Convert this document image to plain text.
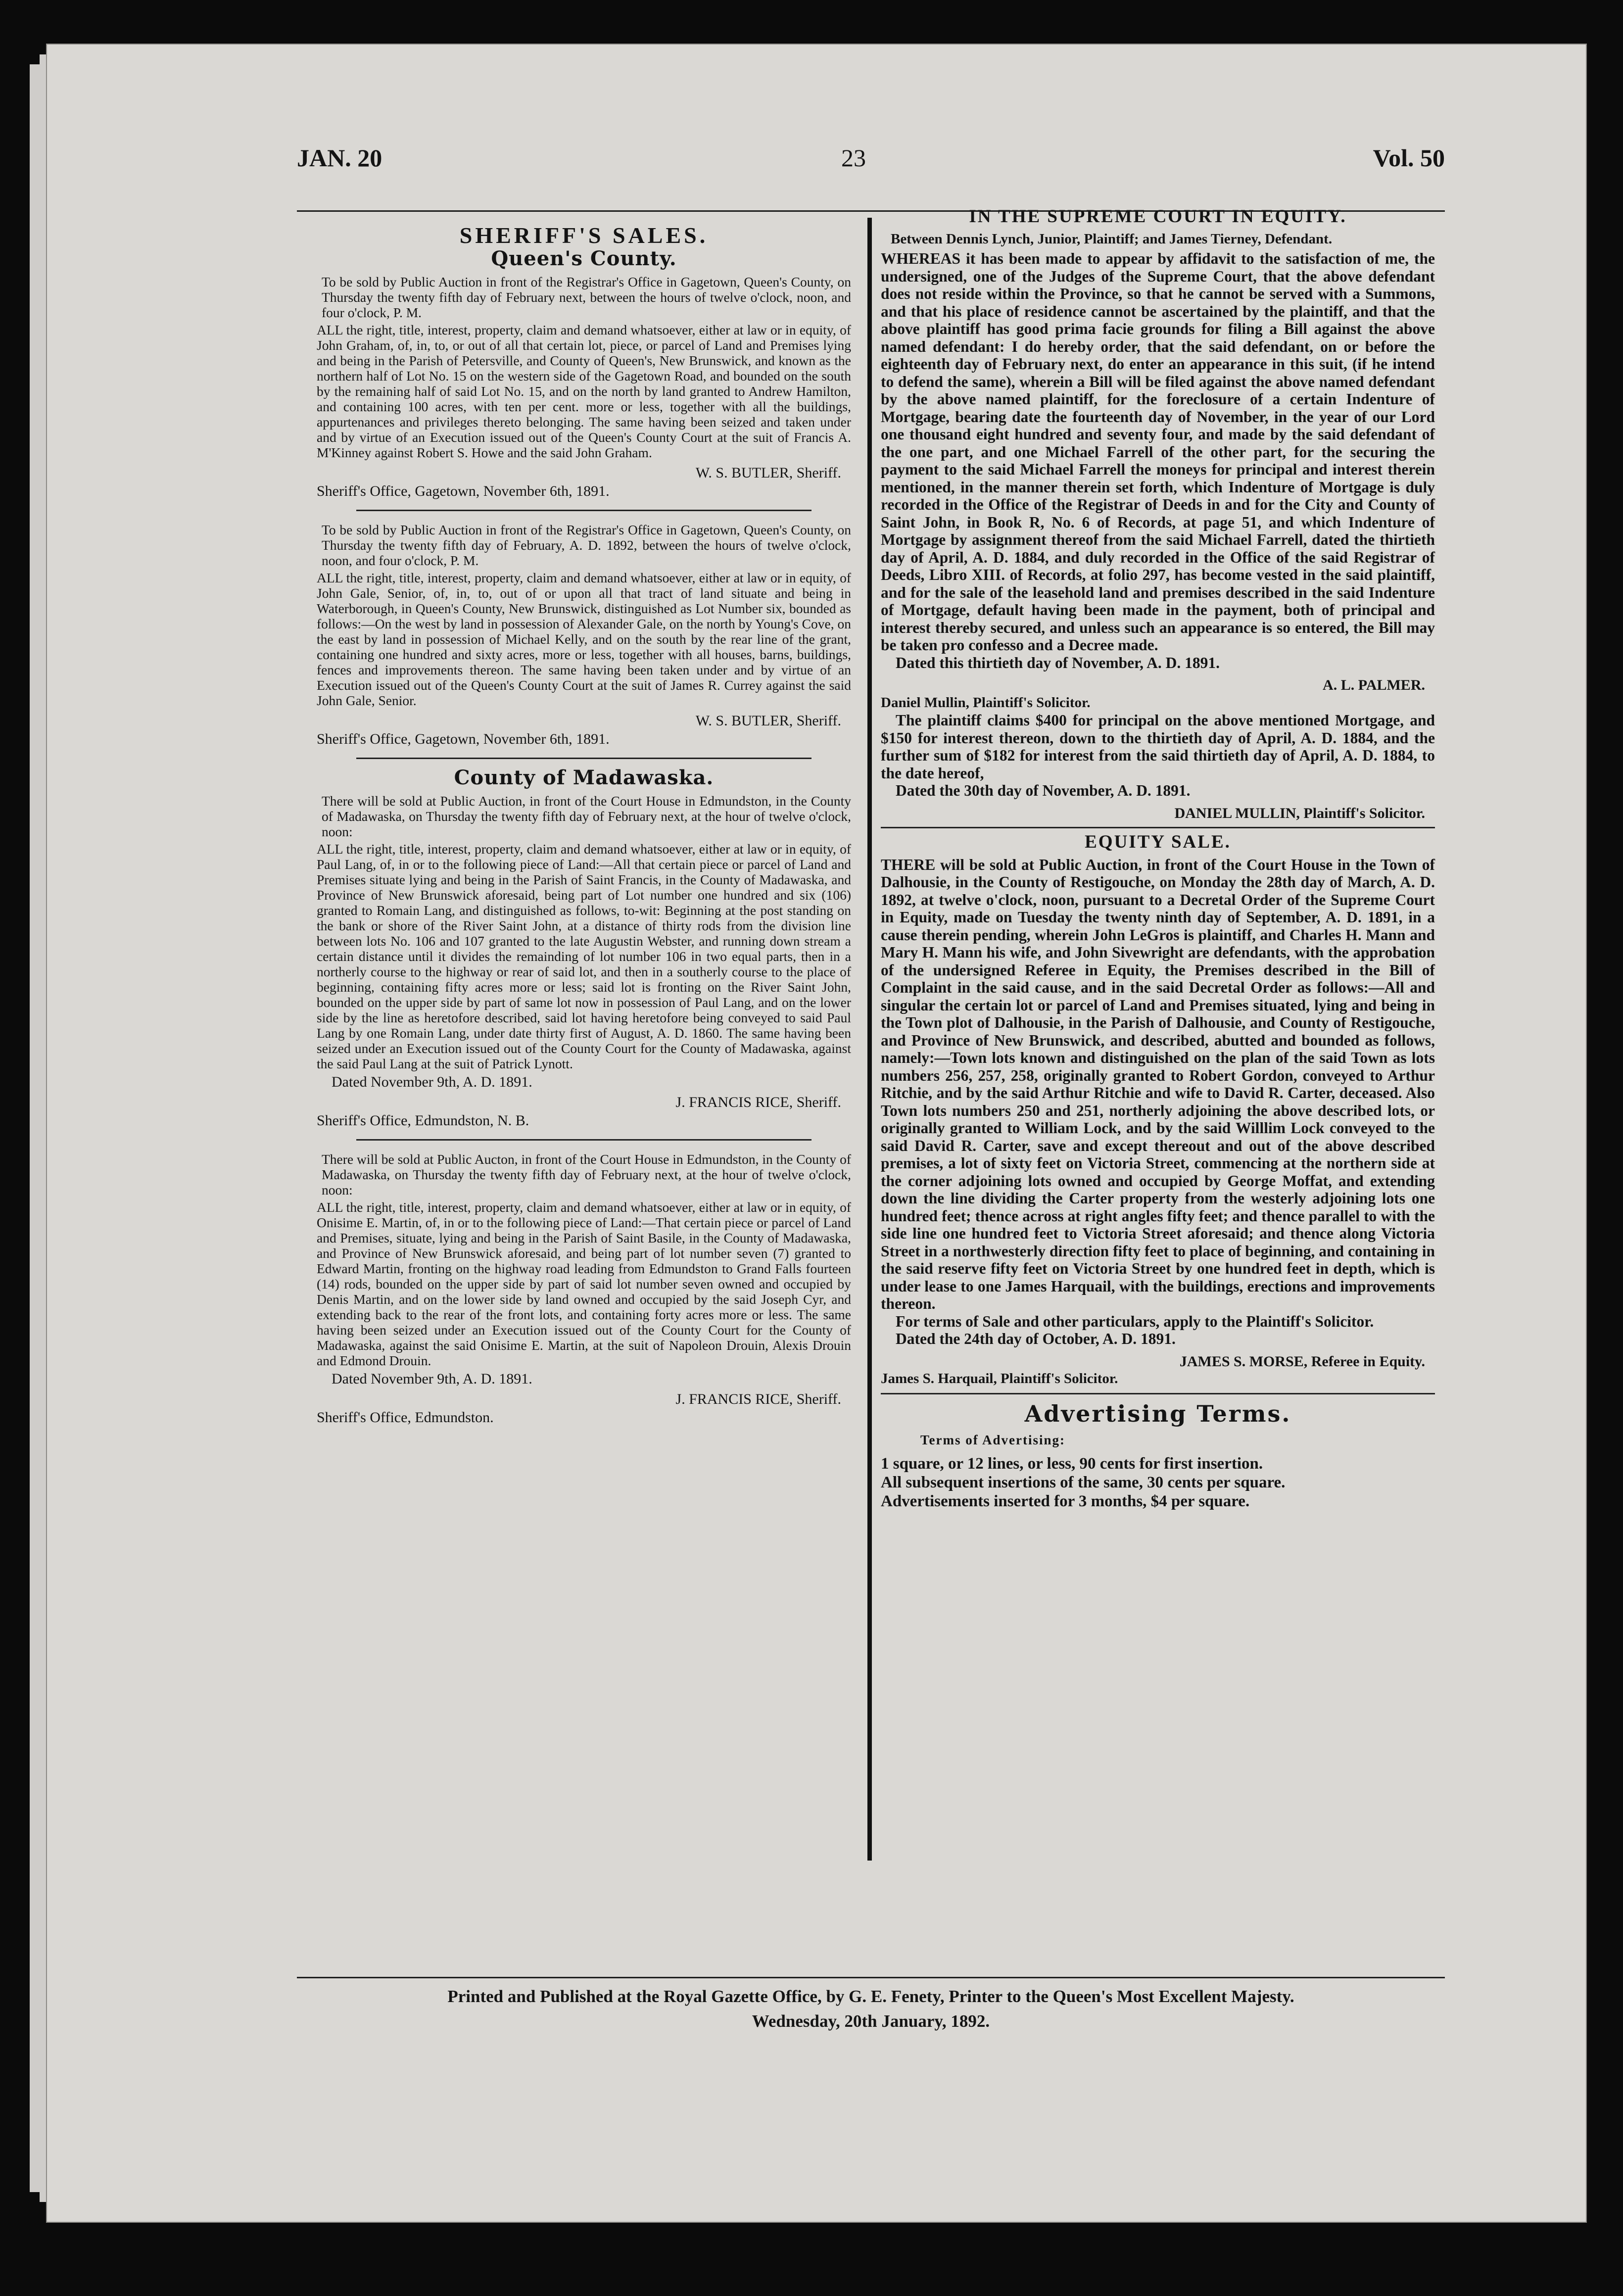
JAN. 20	23	Vol. 50
SHERIFF'S SALES.
Queen's County.

To be sold by Public Auction in front of the Registrar's Office in Gagetown, Queen's County, on Thursday the twenty fifth day of February next, between the hours of twelve o'clock, noon, and four o'clock, P. M.

ALL the right, title, interest, property, claim and demand whatsoever, either at law or in equity, of John Graham, of, in, to, or out of all that certain lot, piece, or parcel of Land and Premises lying and being in the Parish of Petersville, and County of Queen's, New Brunswick, and known as the northern half of Lot No. 15 on the western side of the Gagetown Road, and bounded on the south by the remaining half of said Lot No. 15, and on the north by land granted to Andrew Hamilton, and containing 100 acres, with ten per cent. more or less, together with all the buildings, appurtenances and privileges thereto belonging. The same having been seized and taken under and by virtue of an Execution issued out of the Queen's County Court at the suit of Francis A. M'Kinney against Robert S. Howe and the said John Graham.

W. S. BUTLER, Sheriff.

Sheriff's Office, Gagetown, November 6th, 1891.

To be sold by Public Auction in front of the Registrar's Office in Gagetown, Queen's County, on Thursday the twenty fifth day of February, A. D. 1892, between the hours of twelve o'clock, noon, and four o'clock, P. M.

ALL the right, title, interest, property, claim and demand whatsoever, either at law or in equity, of John Gale, Senior, of, in, to, out of or upon all that tract of land situate and being in Waterborough, in Queen's County, New Brunswick, distinguished as Lot Number six, bounded as follows:—On the west by land in possession of Alexander Gale, on the north by Young's Cove, on the east by land in possession of Michael Kelly, and on the south by the rear line of the grant, containing one hundred and sixty acres, more or less, together with all houses, barns, buildings, fences and improvements thereon. The same having been taken under and by virtue of an Execution issued out of the Queen's County Court at the suit of James R. Currey against the said John Gale, Senior.

W. S. BUTLER, Sheriff.

Sheriff's Office, Gagetown, November 6th, 1891.

County of Madawaska.

There will be sold at Public Auction, in front of the Court House in Edmundston, in the County of Madawaska, on Thursday the twenty fifth day of February next, at the hour of twelve o'clock, noon:

ALL the right, title, interest, property, claim and demand whatsoever, either at law or in equity, of Paul Lang, of, in or to the following piece of Land:—All that certain piece or parcel of Land and Premises situate lying and being in the Parish of Saint Francis, in the County of Madawaska, and Province of New Brunswick aforesaid, being part of Lot number one hundred and six (106) granted to Romain Lang, and distinguished as follows, to-wit: Beginning at the post standing on the bank or shore of the River Saint John, at a distance of thirty rods from the division line between lots No. 106 and 107 granted to the late Augustin Webster, and running down stream a certain distance until it divides the remainding of lot number 106 in two equal parts, then in a northerly course to the highway or rear of said lot, and then in a southerly course to the place of beginning, containing fifty acres more or less; said lot is fronting on the River Saint John, bounded on the upper side by part of same lot now in possession of Paul Lang, and on the lower side by the line as heretofore described, said lot having heretofore being conveyed to said Paul Lang by one Romain Lang, under date thirty first of August, A. D. 1860. The same having been seized under an Execution issued out of the County Court for the County of Madawaska, against the said Paul Lang at the suit of Patrick Lynott.

Dated November 9th, A. D. 1891.

J. FRANCIS RICE, Sheriff.

Sheriff's Office, Edmundston, N. B.

There will be sold at Public Aucton, in front of the Court House in Edmundston, in the County of Madawaska, on Thursday the twenty fifth day of February next, at the hour of twelve o'clock, noon:

ALL the right, title, interest, property, claim and demand whatsoever, either at law or in equity, of Onisime E. Martin, of, in or to the following piece of Land:—That certain piece or parcel of Land and Premises, situate, lying and being in the Parish of Saint Basile, in the County of Madawaska, and Province of New Brunswick aforesaid, and being part of lot number seven (7) granted to Edward Martin, fronting on the highway road leading from Edmundston to Grand Falls fourteen (14) rods, bounded on the upper side by part of said lot number seven owned and occupied by Denis Martin, and on the lower side by land owned and occupied by the said Joseph Cyr, and extending back to the rear of the front lots, and containing forty acres more or less. The same having been seized under an Execution issued out of the County Court for the County of Madawaska, against the said Onisime E. Martin, at the suit of Napoleon Drouin, Alexis Drouin and Edmond Drouin.

Dated November 9th, A. D. 1891.

J. FRANCIS RICE, Sheriff.

Sheriff's Office, Edmundston.

IN THE SUPREME COURT IN EQUITY.

Between Dennis Lynch, Junior, Plaintiff; and James Tierney, Defendant.

WHEREAS it has been made to appear by affidavit to the satisfaction of me, the undersigned, one of the Judges of the Supreme Court, that the above defendant does not reside within the Province, so that he cannot be served with a Summons, and that his place of residence cannot be ascertained by the plaintiff, and that the above plaintiff has good prima facie grounds for filing a Bill against the above named defendant: I do hereby order, that the said defendant, on or before the eighteenth day of February next, do enter an appearance in this suit, (if he intend to defend the same), wherein a Bill will be filed against the above named defendant by the above named plaintiff, for the foreclosure of a certain Indenture of Mortgage, bearing date the fourteenth day of November, in the year of our Lord one thousand eight hundred and seventy four, and made by the said defendant of the one part, and one Michael Farrell of the other part, for the securing the payment to the said Michael Farrell the moneys for principal and interest therein mentioned, in the manner therein set forth, which Indenture of Mortgage is duly recorded in the Office of the Registrar of Deeds in and for the City and County of Saint John, in Book R, No. 6 of Records, at page 51, and which Indenture of Mortgage by assignment thereof from the said Michael Farrell, dated the thirtieth day of April, A. D. 1884, and duly recorded in the Office of the said Registrar of Deeds, Libro XIII. of Records, at folio 297, has become vested in the said plaintiff, and for the sale of the leasehold land and premises described in the said Indenture of Mortgage, default having been made in the payment, both of principal and interest thereby secured, and unless such an appearance is so entered, the Bill may be taken pro confesso and a Decree made.

Dated this thirtieth day of November, A. D. 1891.

A. L. PALMER.

Daniel Mullin, Plaintiff's Solicitor.

The plaintiff claims $400 for principal on the above mentioned Mortgage, and $150 for interest thereon, down to the thirtieth day of April, A. D. 1884, and the further sum of $182 for interest from the said thirtieth day of April, A. D. 1884, to the date hereof,

Dated the 30th day of November, A. D. 1891.

DANIEL MULLIN, Plaintiff's Solicitor.

EQUITY SALE.

THERE will be sold at Public Auction, in front of the Court House in the Town of Dalhousie, in the County of Restigouche, on Monday the 28th day of March, A. D. 1892, at twelve o'clock, noon, pursuant to a Decretal Order of the Supreme Court in Equity, made on Tuesday the twenty ninth day of September, A. D. 1891, in a cause therein pending, wherein John LeGros is plaintiff, and Charles H. Mann and Mary H. Mann his wife, and John Sivewright are defendants, with the approbation of the undersigned Referee in Equity, the Premises described in the Bill of Complaint in the said cause, and in the said Decretal Order as follows:—All and singular the certain lot or parcel of Land and Premises situated, lying and being in the Town plot of Dalhousie, in the Parish of Dalhousie, and County of Restigouche, and Province of New Brunswick, and described, abutted and bounded as follows, namely:—Town lots known and distinguished on the plan of the said Town as lots numbers 256, 257, 258, originally granted to Robert Gordon, conveyed to Arthur Ritchie, and by the said Arthur Ritchie and wife to David R. Carter, deceased. Also Town lots numbers 250 and 251, northerly adjoining the above described lots, or originally granted to William Lock, and by the said Willlim Lock conveyed to the said David R. Carter, save and except thereout and out of the above described premises, a lot of sixty feet on Victoria Street, commencing at the northern side at the corner adjoining lots owned and occupied by George Moffat, and extending down the line dividing the Carter property from the westerly adjoining lots one hundred feet; thence across at right angles fifty feet; and thence parallel to with the side line one hundred feet to Victoria Street aforesaid; and thence along Victoria Street in a northwesterly direction fifty feet to place of beginning, and containing in the said reserve fifty feet on Victoria Street by one hundred feet in depth, which is under lease to one James Harquail, with the buildings, erections and improvements thereon.

For terms of Sale and other particulars, apply to the Plaintiff's Solicitor.

Dated the 24th day of October, A. D. 1891.

JAMES S. MORSE, Referee in Equity.

James S. Harquail, Plaintiff's Solicitor.

Advertising Terms.

Terms of Advertising:

1 square, or 12 lines, or less, 90 cents for first insertion.

All subsequent insertions of the same, 30 cents per square.

Advertisements inserted for 3 months, $4 per square.

Printed and Published at the Royal Gazette Office, by G. E. Fenety, Printer to the Queen's Most Excellent Majesty.

Wednesday, 20th January, 1892.
